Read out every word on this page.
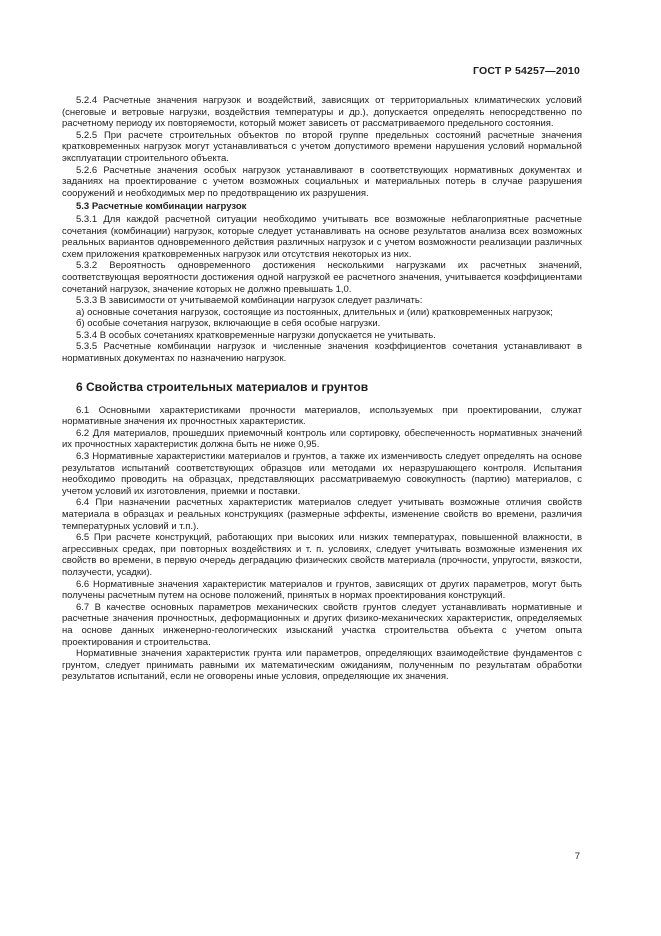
ГОСТ Р 54257—2010

5.2.4 Расчетные значения нагрузок и воздействий, зависящих от территориальных климатических условий (снеговые и ветровые нагрузки, воздействия температуры и др.), допускается определять непосредственно по расчетному периоду их повторяемости, который может зависеть от рассматриваемого предельного состояния.

5.2.5 При расчете строительных объектов по второй группе предельных состояний расчетные значения кратковременных нагрузок могут устанавливаться с учетом допустимого времени нарушения условий нормальной эксплуатации строительного объекта.

5.2.6 Расчетные значения особых нагрузок устанавливают в соответствующих нормативных документах и заданиях на проектирование с учетом возможных социальных и материальных потерь в случае разрушения сооружений и необходимых мер по предотвращению их разрушения.

5.3 Расчетные комбинации нагрузок

5.3.1 Для каждой расчетной ситуации необходимо учитывать все возможные неблагоприятные расчетные сочетания (комбинации) нагрузок, которые следует устанавливать на основе результатов анализа всех возможных реальных вариантов одновременного действия различных нагрузок и с учетом возможности реализации различных схем приложения кратковременных нагрузок или отсутствия некоторых из них.

5.3.2 Вероятность одновременного достижения несколькими нагрузками их расчетных значений, соответствующая вероятности достижения одной нагрузкой ее расчетного значения, учитывается коэффициентами сочетаний нагрузок, значение которых не должно превышать 1,0.

5.3.3 В зависимости от учитываемой комбинации нагрузок следует различать:

а) основные сочетания нагрузок, состоящие из постоянных, длительных и (или) кратковременных нагрузок;

б) особые сочетания нагрузок, включающие в себя особые нагрузки.

5.3.4 В особых сочетаниях кратковременные нагрузки допускается не учитывать.

5.3.5 Расчетные комбинации нагрузок и численные значения коэффициентов сочетания устанавливают в нормативных документах по назначению нагрузок.

6 Свойства строительных материалов и грунтов

6.1 Основными характеристиками прочности материалов, используемых при проектировании, служат нормативные значения их прочностных характеристик.

6.2 Для материалов, прошедших приемочный контроль или сортировку, обеспеченность нормативных значений их прочностных характеристик должна быть не ниже 0,95.

6.3 Нормативные характеристики материалов и грунтов, а также их изменчивость следует определять на основе результатов испытаний соответствующих образцов или методами их неразрушающего контроля. Испытания необходимо проводить на образцах, представляющих рассматриваемую совокупность (партию) материалов, с учетом условий их изготовления, приемки и поставки.

6.4 При назначении расчетных характеристик материалов следует учитывать возможные отличия свойств материала в образцах и реальных конструкциях (размерные эффекты, изменение свойств во времени, различия температурных условий и т.п.).

6.5 При расчете конструкций, работающих при высоких или низких температурах, повышенной влажности, в агрессивных средах, при повторных воздействиях и т. п. условиях, следует учитывать возможные изменения их свойств во времени, в первую очередь деградацию физических свойств материала (прочности, упругости, вязкости, ползучести, усадки).

6.6 Нормативные значения характеристик материалов и грунтов, зависящих от других параметров, могут быть получены расчетным путем на основе положений, принятых в нормах проектирования конструкций.

6.7 В качестве основных параметров механических свойств грунтов следует устанавливать нормативные и расчетные значения прочностных, деформационных и других физико-механических характеристик, определяемых на основе данных инженерно-геологических изысканий участка строительства объекта с учетом опыта проектирования и строительства.

Нормативные значения характеристик грунта или параметров, определяющих взаимодействие фундаментов с грунтом, следует принимать равными их математическим ожиданиям, полученным по результатам обработки результатов испытаний, если не оговорены иные условия, определяющие их значения.

7
